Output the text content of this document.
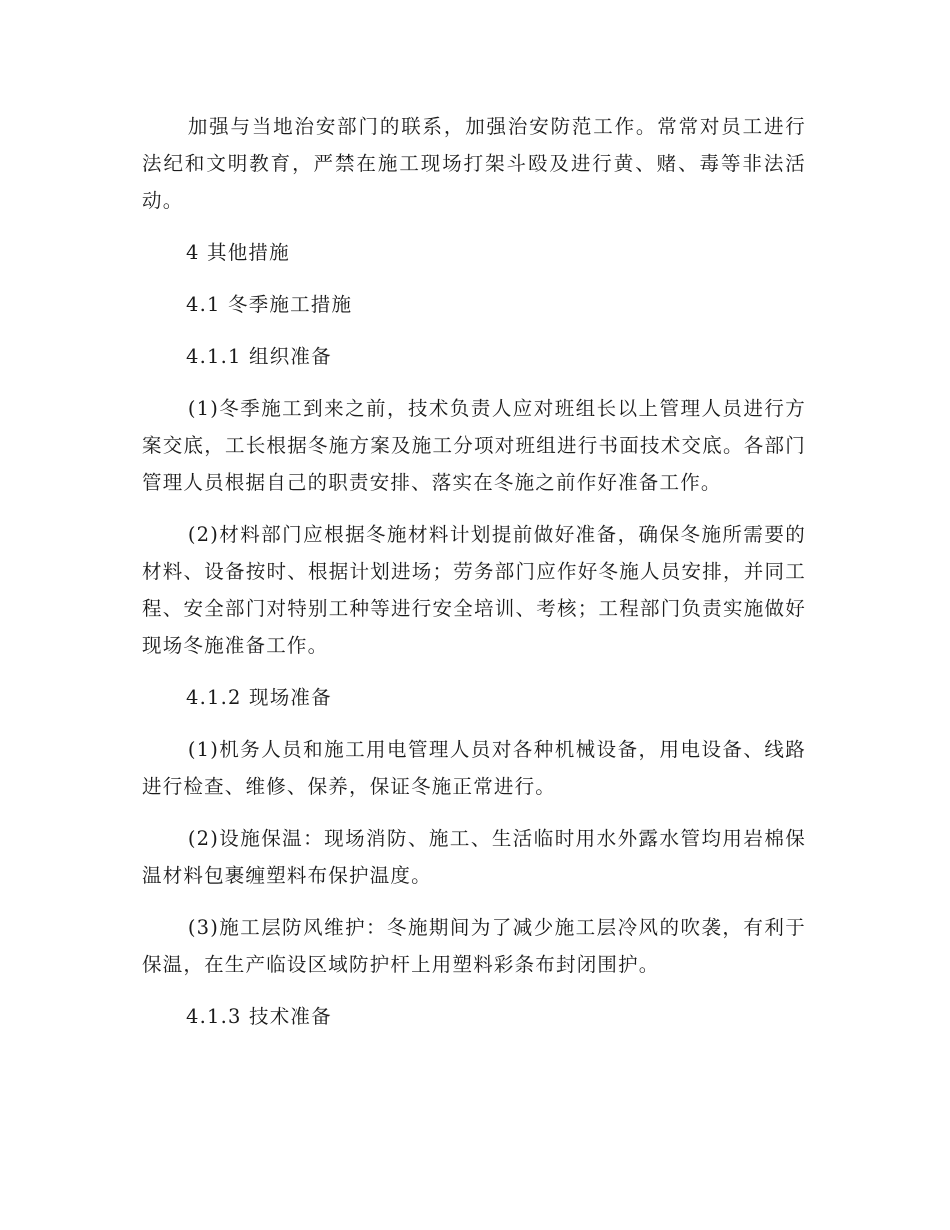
加强与当地治安部门的联系，加强治安防范工作。常常对员工进行法纪和文明教育，严禁在施工现场打架斗殴及进行黄、赌、毒等非法活动。

4 其他措施

4.1 冬季施工措施

4.1.1 组织准备

(1)冬季施工到来之前，技术负责人应对班组长以上管理人员进行方案交底，工长根据冬施方案及施工分项对班组进行书面技术交底。各部门管理人员根据自己的职责安排、落实在冬施之前作好准备工作。

(2)材料部门应根据冬施材料计划提前做好准备，确保冬施所需要的材料、设备按时、根据计划进场；劳务部门应作好冬施人员安排，并同工程、安全部门对特别工种等进行安全培训、考核；工程部门负责实施做好现场冬施准备工作。

4.1.2 现场准备

(1)机务人员和施工用电管理人员对各种机械设备，用电设备、线路进行检查、维修、保养，保证冬施正常进行。

(2)设施保温：现场消防、施工、生活临时用水外露水管均用岩棉保温材料包裹缠塑料布保护温度。

(3)施工层防风维护：冬施期间为了减少施工层冷风的吹袭，有利于保温，在生产临设区域防护杆上用塑料彩条布封闭围护。

4.1.3 技术准备
